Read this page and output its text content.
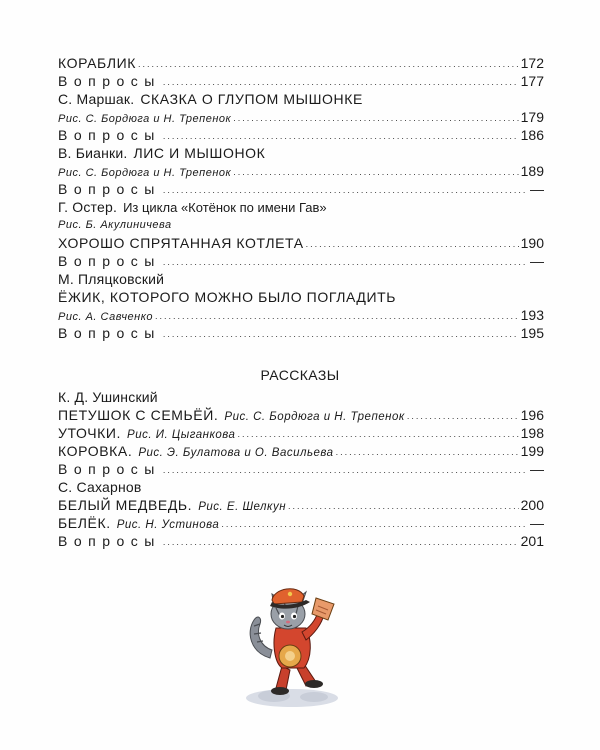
КОРАБЛИК .....	172
Вопросы .....	177
С. Маршак. СКАЗКА О ГЛУПОМ МЫШОНКЕ
Рис. С. Бордюга и Н. Трепенок .....	179
Вопросы .....	186
В. Бианки. ЛИС И МЫШОНОК
Рис. С. Бордюга и Н. Трепенок .....	189
Вопросы .....	—
Г. Остер. Из цикла «Котёнок по имени Гав»
Рис. Б. Акулиничева
ХОРОШО СПРЯТАННАЯ КОТЛЕТА .....	190
Вопросы .....	—
М. Пляцковский
ЁЖИК, КОТОРОГО МОЖНО БЫЛО ПОГЛАДИТЬ
Рис. А. Савченко .....	193
Вопросы .....	195
РАССКАЗЫ
К. Д. Ушинский
ПЕТУШОК С СЕМЬЁЙ. Рис. С. Бордюга и Н. Трепенок .....	196
УТОЧКИ. Рис. И. Цыганкова .....	198
КОРОВКА. Рис. Э. Булатова и О. Васильева .....	199
Вопросы .....	—
С. Сахарнов
БЕЛЫЙ МЕДВЕДЬ. Рис. Е. Шелкун .....	200
БЕЛЁК. Рис. Н. Устинова .....	—
Вопросы .....	201
